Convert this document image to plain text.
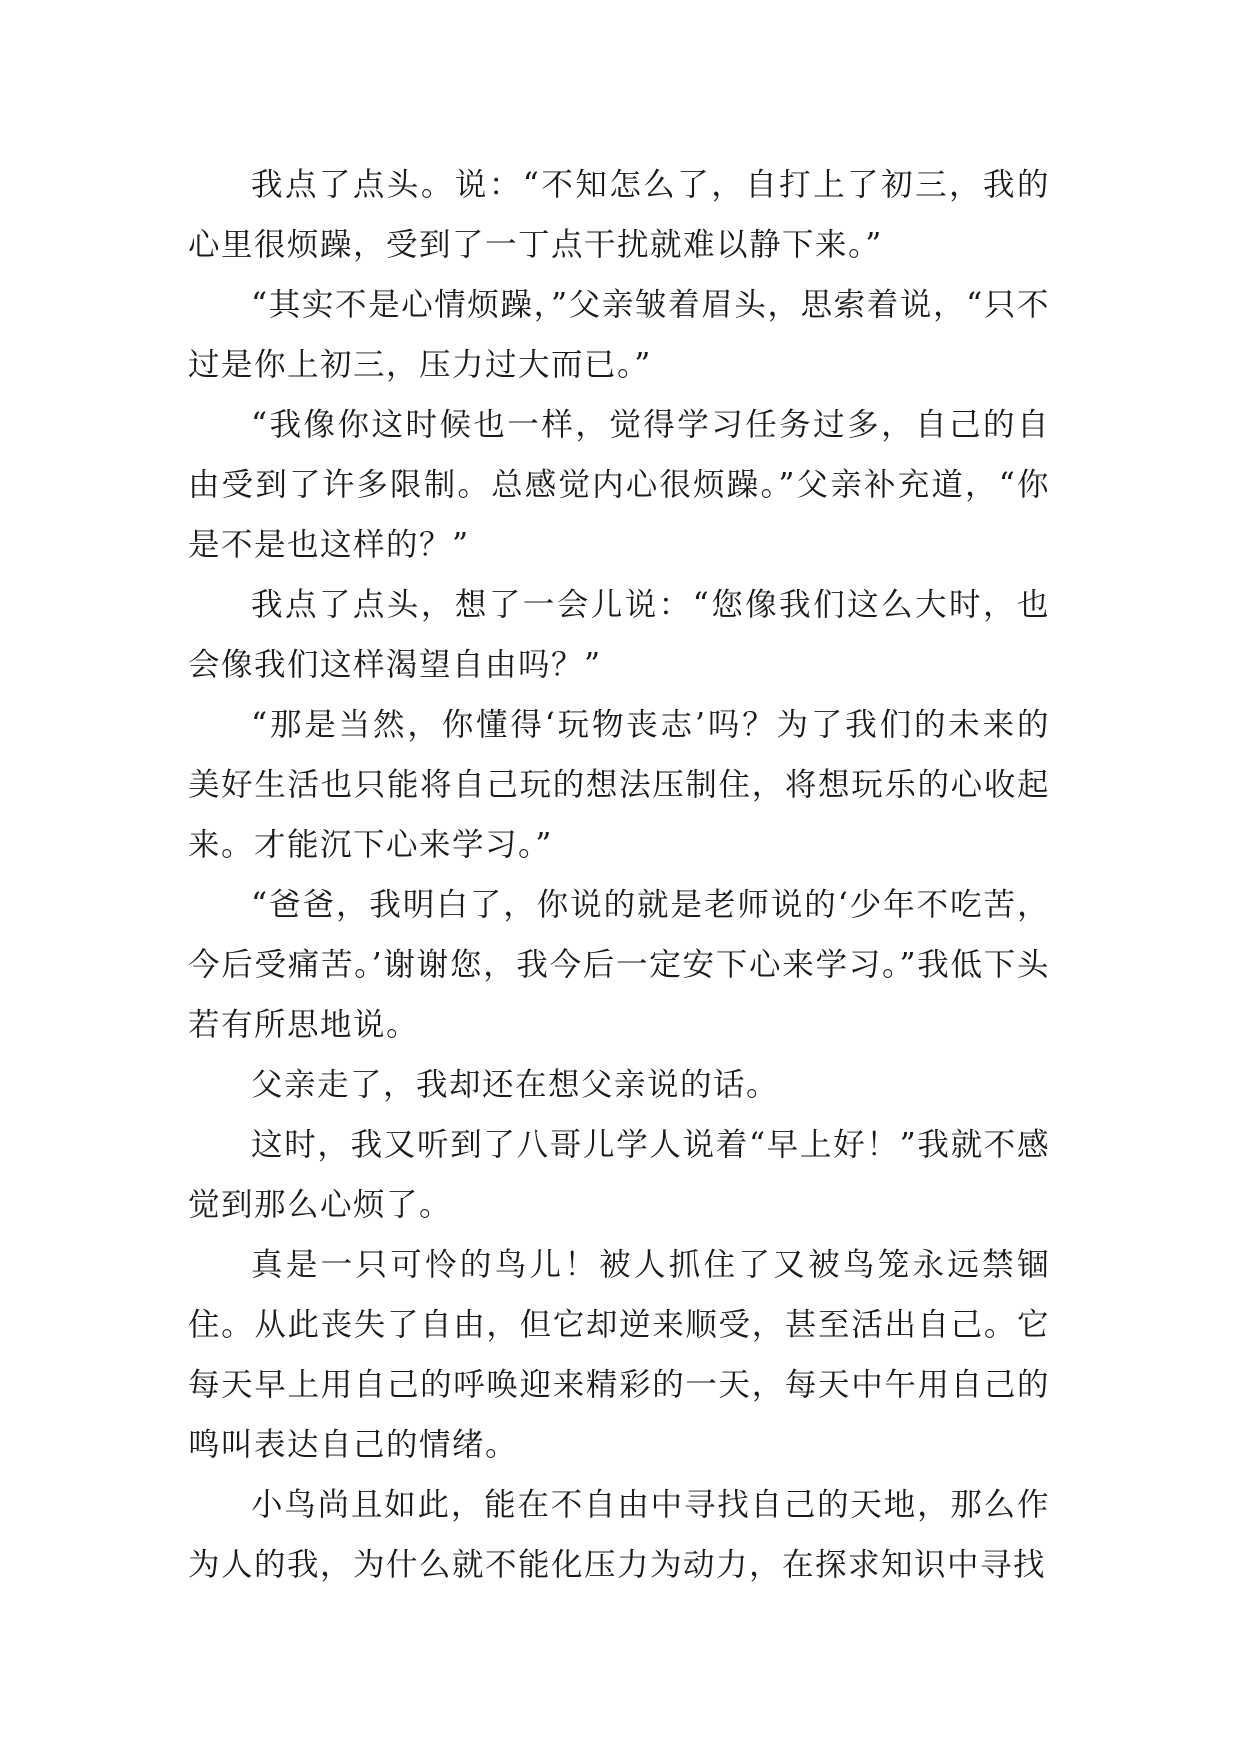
我点了点头。说：“不知怎么了，自打上了初三，我的心里很烦躁，受到了一丁点干扰就难以静下来。”

“其实不是心情烦躁，”父亲皱着眉头，思索着说，“只不过是你上初三，压力过大而已。”

“我像你这时候也一样，觉得学习任务过多，自己的自由受到了许多限制。总感觉内心很烦躁。”父亲补充道，“你是不是也这样的？”

我点了点头，想了一会儿说：“您像我们这么大时，也会像我们这样渴望自由吗？”

“那是当然，你懂得‘玩物丧志’吗？为了我们的未来的美好生活也只能将自己玩的想法压制住，将想玩乐的心收起来。才能沉下心来学习。”

“爸爸，我明白了，你说的就是老师说的‘少年不吃苦，今后受痛苦。’谢谢您，我今后一定安下心来学习。”我低下头若有所思地说。

父亲走了，我却还在想父亲说的话。

这时，我又听到了八哥儿学人说着“早上好！”我就不感觉到那么心烦了。

真是一只可怜的鸟儿！被人抓住了又被鸟笼永远禁锢住。从此丧失了自由，但它却逆来顺受，甚至活出自己。它每天早上用自己的呼唤迎来精彩的一天，每天中午用自己的鸣叫表达自己的情绪。

小鸟尚且如此，能在不自由中寻找自己的天地，那么作为人的我，为什么就不能化压力为动力，在探求知识中寻找
